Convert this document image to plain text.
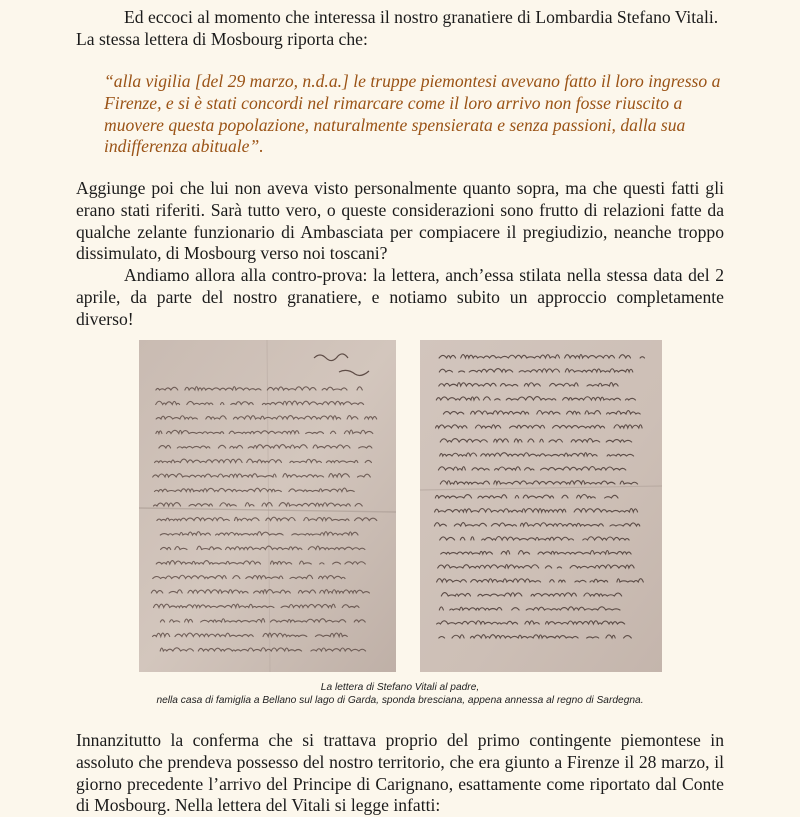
Ed eccoci al momento che interessa il nostro granatiere di Lombardia Stefano Vitali.

La stessa lettera di Mosbourg riporta che:

“alla vigilia [del 29 marzo, n.d.a.] le truppe piemontesi avevano fatto il loro ingresso a Firenze, e si è stati concordi nel rimarcare come il loro arrivo non fosse riuscito a muovere questa popolazione, naturalmente spensierata e senza passioni, dalla sua indifferenza abituale”.

Aggiunge poi che lui non aveva visto personalmente quanto sopra, ma che questi fatti gli erano stati riferiti. Sarà tutto vero, o queste considerazioni sono frutto di relazioni fatte da qualche zelante funzionario di Ambasciata per compiacere il pregiudizio, neanche troppo dissimulato, di Mosbourg verso noi toscani?

Andiamo allora alla contro-prova: la lettera, anch’essa stilata nella stessa data del 2 aprile, da parte del nostro granatiere, e notiamo subito un approccio completamente diverso!

La lettera di Stefano Vitali al padre,
nella casa di famiglia a Bellano sul lago di Garda, sponda bresciana, appena annessa al regno di Sardegna.

Innanzitutto la conferma che si trattava proprio del primo contingente piemontese in assoluto che prendeva possesso del nostro territorio, che era giunto a Firenze il 28 marzo, il giorno precedente l’arrivo del Principe di Carignano, esattamente come riportato dal Conte di Mosbourg. Nella lettera del Vitali si legge infatti:
